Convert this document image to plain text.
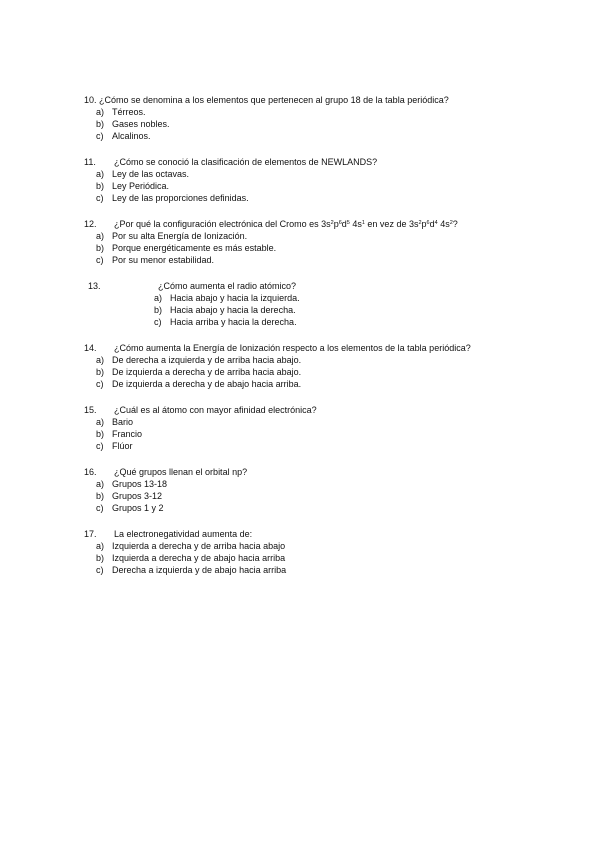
10. ¿Cómo se denomina a los elementos que pertenecen al grupo 18 de la tabla periódica?
a) Térreos.
b) Gases nobles.
c) Alcalinos.
11. ¿Cómo se conoció la clasificación de elementos de NEWLANDS?
a) Ley de las octavas.
b) Ley Periódica.
c) Ley de las proporciones definidas.
12. ¿Por qué la configuración electrónica del Cromo es $3s^2p^6d^5$ $4s^1$ en vez de $3s^2p^6d^4$ $4s^2$?
a) Por su alta Energía de Ionización.
b) Porque energéticamente es más estable.
c) Por su menor estabilidad.
13.	¿Cómo aumenta el radio atómico?
a) Hacia abajo y hacia la izquierda.
b) Hacia abajo y hacia la derecha.
c) Hacia arriba y hacia la derecha.
14. ¿Cómo aumenta la Energía de Ionización respecto a los elementos de la tabla periódica?
a) De derecha a izquierda y de arriba hacia abajo.
b) De izquierda a derecha y de arriba hacia abajo.
c) De izquierda a derecha y de abajo hacia arriba.
15. ¿Cuál es al átomo con mayor afinidad electrónica?
a) Bario
b) Francio
c) Flúor
16. ¿Qué grupos llenan el orbital np?
a) Grupos 13-18
b) Grupos 3-12
c) Grupos 1 y 2
17. La electronegatividad aumenta de:
a) Izquierda a derecha y de arriba hacia abajo
b) Izquierda a derecha y de abajo hacia arriba
c) Derecha a izquierda y de abajo hacia arriba
